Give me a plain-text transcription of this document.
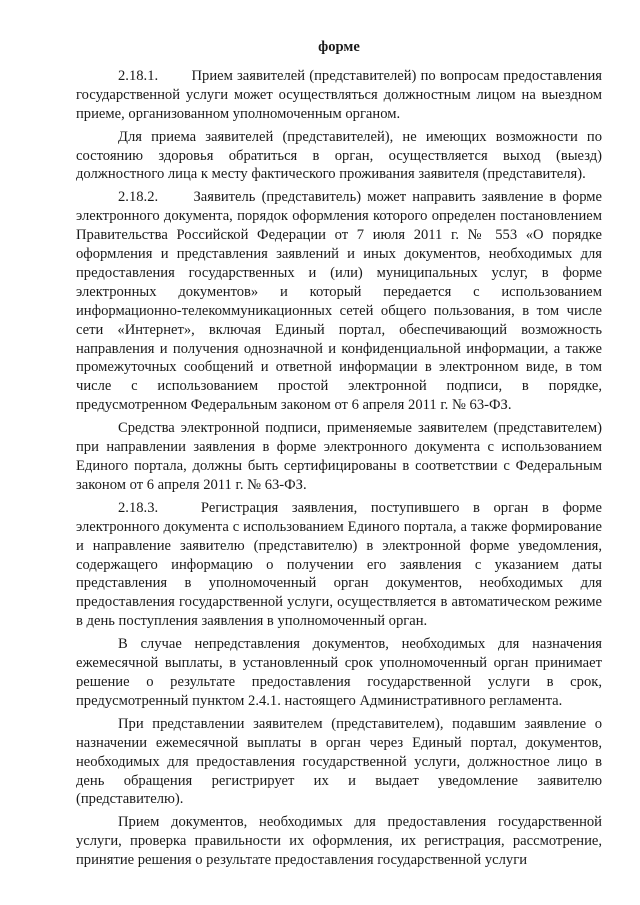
форме

2.18.1.   Прием заявителей (представителей) по вопросам предоставления государственной услуги может осуществляться должностным лицом на выездном приеме, организованном уполномоченным органом.

Для приема заявителей (представителей), не имеющих возможности по состоянию здоровья обратиться в орган, осуществляется выход (выезд) должностного лица к месту фактического проживания заявителя (представителя).

2.18.2.   Заявитель (представитель) может направить заявление в форме электронного документа, порядок оформления которого определен постановлением Правительства Российской Федерации от 7 июля 2011 г. № 553 «О порядке оформления и представления заявлений и иных документов, необходимых для предоставления государственных и (или) муниципальных услуг, в форме электронных документов» и который передается с использованием информационно-телекоммуникационных сетей общего пользования, в том числе сети «Интернет», включая Единый портал, обеспечивающий возможность направления и получения однозначной и конфиденциальной информации, а также промежуточных сообщений и ответной информации в электронном виде, в том числе с использованием простой электронной подписи, в порядке, предусмотренном Федеральным законом от 6 апреля 2011 г. № 63-ФЗ.

Средства электронной подписи, применяемые заявителем (представителем) при направлении заявления в форме электронного документа с использованием Единого портала, должны быть сертифицированы в соответствии с Федеральным законом от 6 апреля 2011 г. № 63-ФЗ.

2.18.3.   Регистрация заявления, поступившего в орган в форме электронного документа с использованием Единого портала, а также формирование и направление заявителю (представителю) в электронной форме уведомления, содержащего информацию о получении его заявления с указанием даты представления в уполномоченный орган документов, необходимых для предоставления государственной услуги, осуществляется в автоматическом режиме в день поступления заявления в уполномоченный орган.

В случае непредставления документов, необходимых для назначения ежемесячной выплаты, в установленный срок уполномоченный орган принимает решение о результате предоставления государственной услуги в срок, предусмотренный пунктом 2.4.1. настоящего Административного регламента.

При представлении заявителем (представителем), подавшим заявление о назначении ежемесячной выплаты в орган через Единый портал, документов, необходимых для предоставления государственной услуги, должностное лицо в день обращения регистрирует их и выдает уведомление заявителю (представителю).

Прием документов, необходимых для предоставления государственной услуги, проверка правильности их оформления, их регистрация, рассмотрение, принятие решения о результате предоставления государственной услуги
